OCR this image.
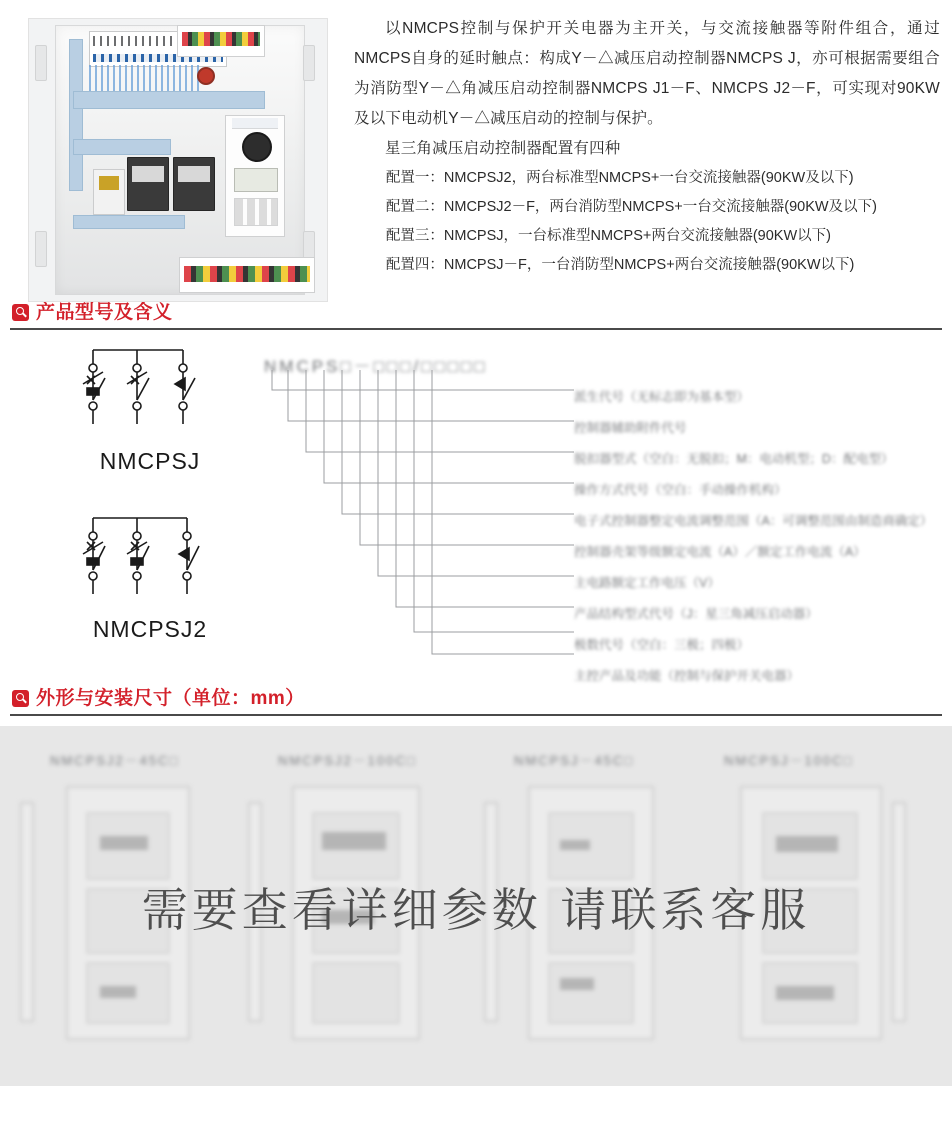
以NMCPS控制与保护开关电器为主开关，与交流接触器等附件组合，通过NMCPS自身的延时触点：构成Y－△减压启动控制器NMCPS J，亦可根据需要组合为消防型Y－△角减压启动控制器NMCPS J1－F、NMCPS J2－F，可实现对90KW及以下电动机Y－△减压启动的控制与保护。

星三角减压启动控制器配置有四种

配置一：NMCPSJ2，两台标准型NMCPS+一台交流接触器(90KW及以下)
配置二：NMCPSJ2－F，两台消防型NMCPS+一台交流接触器(90KW及以下)
配置三：NMCPSJ，一台标准型NMCPS+两台交流接触器(90KW以下)
配置四：NMCPSJ－F，一台消防型NMCPS+两台交流接触器(90KW以下)
产品型号及含义
NMCPSJ
NMCPSJ2
NMCPS□－□□□/□□□□□
派生代号（无标志即为基本型）
控制器辅助附件代号
脱扣器型式（空白：无脱扣；M：电动机型；D：配电型）
操作方式代号（空白：手动操作机构）
电子式控制器整定电流调整范围（A：可调整范围由制造商确定）
控制器壳架等级额定电流（A）／额定工作电流（A）
主电路额定工作电压（V）
产品结构型式代号（J：星三角减压启动器）
极数代号（空白：三极；四极）
主控产品及功能（控制与保护开关电器）
外形与安装尺寸（单位：mm）
NMCPSJ2－45C□	NMCPSJ2－100C□	NMCPSJ－45C□	NMCPSJ－100C□
需要查看详细参数 请联系客服
